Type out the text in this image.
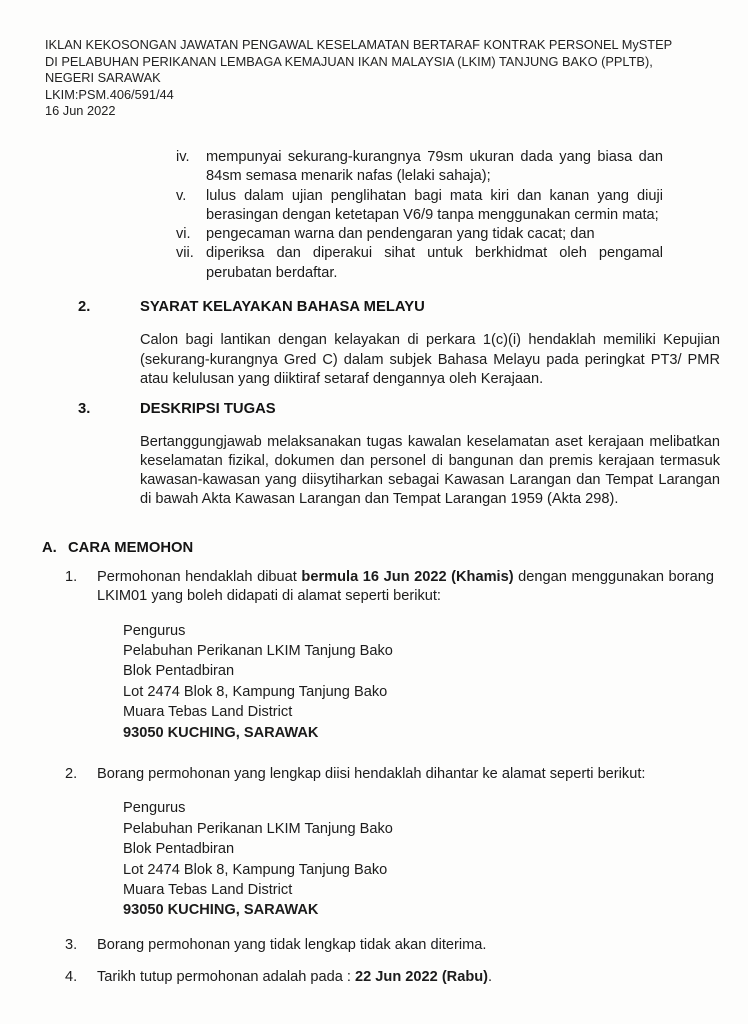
IKLAN KEKOSONGAN JAWATAN PENGAWAL KESELAMATAN BERTARAF KONTRAK PERSONEL MySTEP
DI PELABUHAN PERIKANAN LEMBAGA KEMAJUAN IKAN MALAYSIA (LKIM) TANJUNG BAKO (PPLTB),
NEGERI SARAWAK
LKIM:PSM.406/591/44
16 Jun 2022
iv.	mempunyai sekurang-kurangnya 79sm ukuran dada yang biasa dan 84sm semasa menarik nafas (lelaki sahaja);
v.	lulus dalam ujian penglihatan bagi mata kiri dan kanan yang diuji berasingan dengan ketetapan V6/9 tanpa menggunakan cermin mata;
vi.	pengecaman warna dan pendengaran yang tidak cacat; dan
vii. diperiksa dan diperakui sihat untuk berkhidmat oleh pengamal perubatan berdaftar.
2.	SYARAT KELAYAKAN BAHASA MELAYU

Calon bagi lantikan dengan kelayakan di perkara 1(c)(i) hendaklah memiliki Kepujian (sekurang-kurangnya Gred C) dalam subjek Bahasa Melayu pada peringkat PT3/ PMR atau kelulusan yang diiktiraf setaraf dengannya oleh Kerajaan.

3.	DESKRIPSI TUGAS

Bertanggungjawab melaksanakan tugas kawalan keselamatan aset kerajaan melibatkan keselamatan fizikal, dokumen dan personel di bangunan dan premis kerajaan termasuk kawasan-kawasan yang diisytiharkan sebagai Kawasan Larangan dan Tempat Larangan di bawah Akta Kawasan Larangan dan Tempat Larangan 1959 (Akta 298).

A. CARA MEMOHON
1.	Permohonan hendaklah dibuat bermula 16 Jun 2022 (Khamis) dengan menggunakan borang LKIM01 yang boleh didapati di alamat seperti berikut:
Pengurus
Pelabuhan Perikanan LKIM Tanjung Bako
Blok Pentadbiran
Lot 2474 Blok 8, Kampung Tanjung Bako
Muara Tebas Land District
93050 KUCHING, SARAWAK
2.	Borang permohonan yang lengkap diisi hendaklah dihantar ke alamat seperti berikut:
Pengurus
Pelabuhan Perikanan LKIM Tanjung Bako
Blok Pentadbiran
Lot 2474 Blok 8, Kampung Tanjung Bako
Muara Tebas Land District
93050 KUCHING, SARAWAK
3.	Borang permohonan yang tidak lengkap tidak akan diterima.
4.	Tarikh tutup permohonan adalah pada : 22 Jun 2022 (Rabu).
